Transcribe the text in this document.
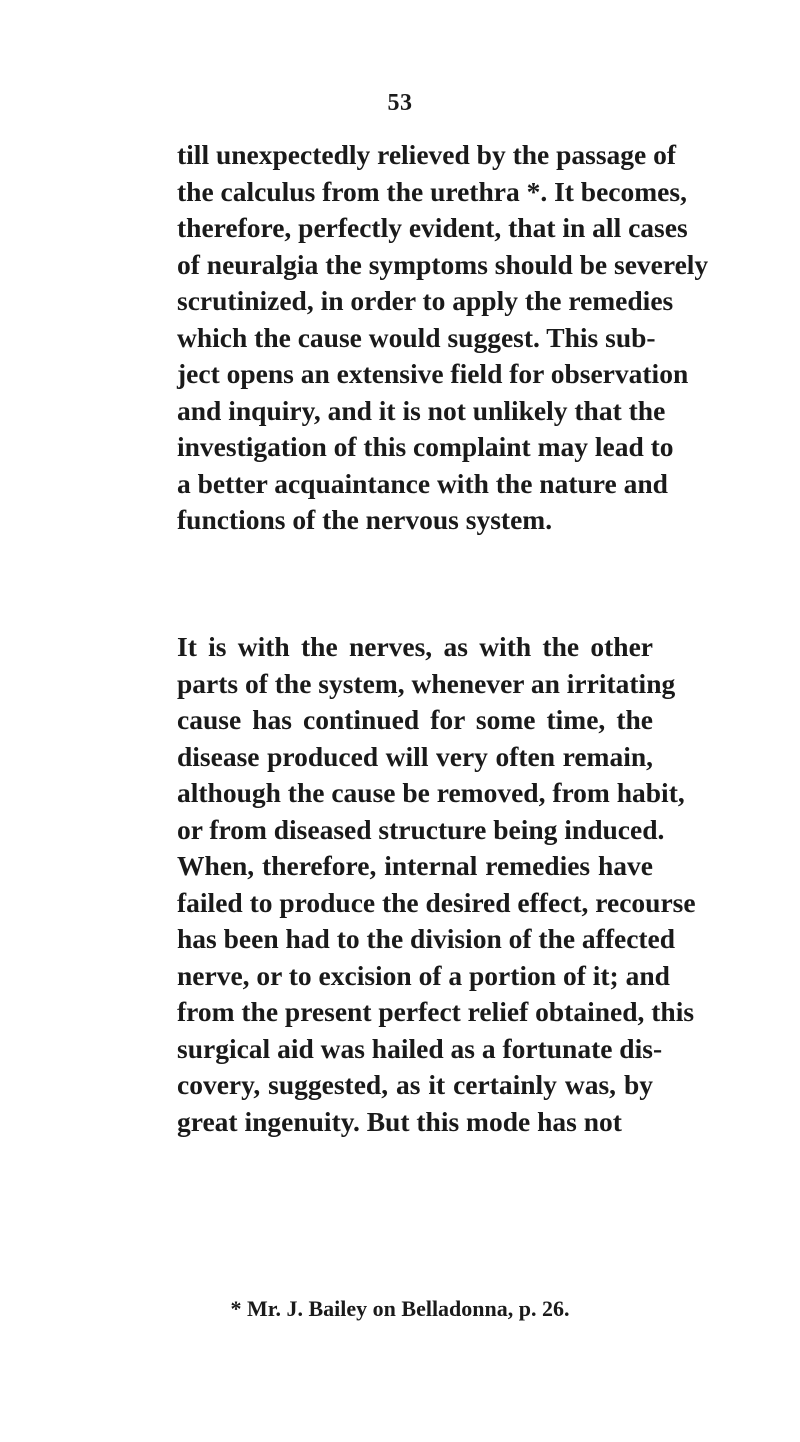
53
till unexpectedly relieved by the passage of
the calculus from the urethra *. It becomes,
therefore, perfectly evident, that in all cases
of neuralgia the symptoms should be severely
scrutinized, in order to apply the remedies
which the cause would suggest. This sub-
ject opens an extensive field for observation
and inquiry, and it is not unlikely that the
investigation of this complaint may lead to
a better acquaintance with the nature and
functions of the nervous system.
It is with the nerves, as with the other
parts of the system, whenever an irritating
cause has continued for some time, the
disease produced will very often remain,
although the cause be removed, from habit,
or from diseased structure being induced.
When, therefore, internal remedies have
failed to produce the desired effect, recourse
has been had to the division of the affected
nerve, or to excision of a portion of it; and
from the present perfect relief obtained, this
surgical aid was hailed as a fortunate dis-
covery, suggested, as it certainly was, by
great ingenuity. But this mode has not
* Mr. J. Bailey on Belladonna, p. 26.
